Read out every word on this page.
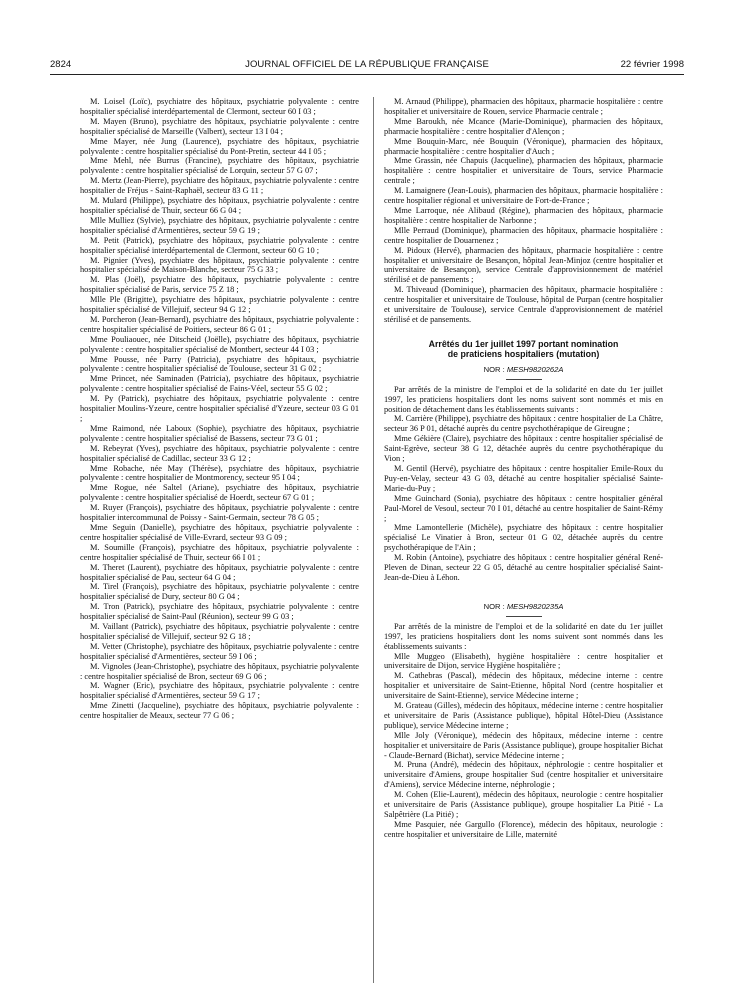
2824	JOURNAL OFFICIEL DE LA RÉPUBLIQUE FRANÇAISE	22 février 1998

M. Loisel (Loïc), psychiatre des hôpitaux, psychiatrie polyvalente : centre hospitalier spécialisé interdépartemental de Clermont, secteur 60 I 03 ;

M. Mayen (Bruno), psychiatre des hôpitaux, psychiatrie polyvalente : centre hospitalier spécialisé de Marseille (Valbert), secteur 13 I 04 ;

Mme Mayer, née Jung (Laurence), psychiatre des hôpitaux, psychiatrie polyvalente : centre hospitalier spécialisé du Pont-Pretin, secteur 44 I 05 ;

Mme Mehl, née Burrus (Francine), psychiatre des hôpitaux, psychiatrie polyvalente : centre hospitalier spécialisé de Lorquin, secteur 57 G 07 ;

M. Mertz (Jean-Pierre), psychiatre des hôpitaux, psychiatrie polyvalente : centre hospitalier de Fréjus - Saint-Raphaël, secteur 83 G 11 ;

M. Mulard (Philippe), psychiatre des hôpitaux, psychiatrie polyvalente : centre hospitalier spécialisé de Thuir, secteur 66 G 04 ;

Mlle Mulliez (Sylvie), psychiatre des hôpitaux, psychiatrie polyvalente : centre hospitalier spécialisé d'Armentières, secteur 59 G 19 ;

M. Petit (Patrick), psychiatre des hôpitaux, psychiatrie polyvalente : centre hospitalier spécialisé interdépartemental de Clermont, secteur 60 G 10 ;

M. Pignier (Yves), psychiatre des hôpitaux, psychiatrie polyvalente : centre hospitalier spécialisé de Maison-Blanche, secteur 75 G 33 ;

M. Plas (Joël), psychiatre des hôpitaux, psychiatrie polyvalente : centre hospitalier spécialisé de Paris, service 75 Z 18 ;

Mlle Ple (Brigitte), psychiatre des hôpitaux, psychiatrie polyvalente : centre hospitalier spécialisé de Villejuif, secteur 94 G 12 ;

M. Porcheron (Jean-Bernard), psychiatre des hôpitaux, psychiatrie polyvalente : centre hospitalier spécialisé de Poitiers, secteur 86 G 01 ;

Mme Pouliaouec, née Ditscheid (Joëlle), psychiatre des hôpitaux, psychiatrie polyvalente : centre hospitalier spécialisé de Montbert, secteur 44 I 03 ;

Mme Pousse, née Parry (Patricia), psychiatre des hôpitaux, psychiatrie polyvalente : centre hospitalier spécialisé de Toulouse, secteur 31 G 02 ;

Mme Princet, née Saminaden (Patricia), psychiatre des hôpitaux, psychiatrie polyvalente : centre hospitalier spécialisé de Fains-Véel, secteur 55 G 02 ;

M. Py (Patrick), psychiatre des hôpitaux, psychiatrie polyvalente : centre hospitalier Moulins-Yzeure, centre hospitalier spécialisé d'Yzeure, secteur 03 G 01 ;

Mme Raimond, née Laboux (Sophie), psychiatre des hôpitaux, psychiatrie polyvalente : centre hospitalier spécialisé de Bassens, secteur 73 G 01 ;

M. Rebeyrat (Yves), psychiatre des hôpitaux, psychiatrie polyvalente : centre hospitalier spécialisé de Cadillac, secteur 33 G 12 ;

Mme Robache, née May (Thérèse), psychiatre des hôpitaux, psychiatrie polyvalente : centre hospitalier de Montmorency, secteur 95 I 04 ;

Mme Rogue, née Saltel (Ariane), psychiatre des hôpitaux, psychiatrie polyvalente : centre hospitalier spécialisé de Hoerdt, secteur 67 G 01 ;

M. Ruyer (François), psychiatre des hôpitaux, psychiatrie polyvalente : centre hospitalier intercommunal de Poissy - Saint-Germain, secteur 78 G 05 ;

Mme Seguin (Danielle), psychiatre des hôpitaux, psychiatrie polyvalente : centre hospitalier spécialisé de Ville-Evrard, secteur 93 G 09 ;

M. Soumille (François), psychiatre des hôpitaux, psychiatrie polyvalente : centre hospitalier spécialisé de Thuir, secteur 66 I 01 ;

M. Theret (Laurent), psychiatre des hôpitaux, psychiatrie polyvalente : centre hospitalier spécialisé de Pau, secteur 64 G 04 ;

M. Tirel (François), psychiatre des hôpitaux, psychiatrie polyvalente : centre hospitalier spécialisé de Dury, secteur 80 G 04 ;

M. Tron (Patrick), psychiatre des hôpitaux, psychiatrie polyvalente : centre hospitalier spécialisé de Saint-Paul (Réunion), secteur 99 G 03 ;

M. Vaillant (Patrick), psychiatre des hôpitaux, psychiatrie polyvalente : centre hospitalier spécialisé de Villejuif, secteur 92 G 18 ;

M. Vetter (Christophe), psychiatre des hôpitaux, psychiatrie polyvalente : centre hospitalier spécialisé d'Armentières, secteur 59 I 06 ;

M. Vignoles (Jean-Christophe), psychiatre des hôpitaux, psychiatrie polyvalente : centre hospitalier spécialisé de Bron, secteur 69 G 06 ;

M. Wagner (Eric), psychiatre des hôpitaux, psychiatrie polyvalente : centre hospitalier spécialisé d'Armentières, secteur 59 G 17 ;

Mme Zinetti (Jacqueline), psychiatre des hôpitaux, psychiatrie polyvalente : centre hospitalier de Meaux, secteur 77 G 06 ;

M. Arnaud (Philippe), pharmacien des hôpitaux, pharmacie hospitalière : centre hospitalier et universitaire de Rouen, service Pharmacie centrale ;

Mme Baroukh, née Mcance (Marie-Dominique), pharmacien des hôpitaux, pharmacie hospitalière : centre hospitalier d'Alençon ;

Mme Bouquin-Marc, née Bouquin (Véronique), pharmacien des hôpitaux, pharmacie hospitalière : centre hospitalier d'Auch ;

Mme Grassin, née Chapuis (Jacqueline), pharmacien des hôpitaux, pharmacie hospitalière : centre hospitalier et universitaire de Tours, service Pharmacie centrale ;

M. Lamaignere (Jean-Louis), pharmacien des hôpitaux, pharmacie hospitalière : centre hospitalier régional et universitaire de Fort-de-France ;

Mme Larroque, née Alibaud (Régine), pharmacien des hôpitaux, pharmacie hospitalière : centre hospitalier de Narbonne ;

Mlle Perraud (Dominique), pharmacien des hôpitaux, pharmacie hospitalière : centre hospitalier de Douarnenez ;

M. Pidoux (Hervé), pharmacien des hôpitaux, pharmacie hospitalière : centre hospitalier et universitaire de Besançon, hôpital Jean-Minjoz (centre hospitalier et universitaire de Besançon), service Centrale d'approvisionnement de matériel stérilisé et de pansements ;

M. Thiveaud (Dominique), pharmacien des hôpitaux, pharmacie hospitalière : centre hospitalier et universitaire de Toulouse, hôpital de Purpan (centre hospitalier et universitaire de Toulouse), service Centrale d'approvisionnement de matériel stérilisé et de pansements.

Arrêtés du 1er juillet 1997 portant nomination
de praticiens hospitaliers (mutation)
NOR : MESH9820262A

Par arrêtés de la ministre de l'emploi et de la solidarité en date du 1er juillet 1997, les praticiens hospitaliers dont les noms suivent sont nommés et mis en position de détachement dans les établissements suivants :

M. Carrière (Philippe), psychiatre des hôpitaux : centre hospitalier de La Châtre, secteur 36 P 01, détaché auprès du centre psychothérapique de Gireugne ;

Mme Gékière (Claire), psychiatre des hôpitaux : centre hospitalier spécialisé de Saint-Egrève, secteur 38 G 12, détachée auprès du centre psychothérapique du Vion ;

M. Gentil (Hervé), psychiatre des hôpitaux : centre hospitalier Emile-Roux du Puy-en-Velay, secteur 43 G 03, détaché au centre hospitalier spécialisé Sainte-Marie-du-Puy ;

Mme Guinchard (Sonia), psychiatre des hôpitaux : centre hospitalier général Paul-Morel de Vesoul, secteur 70 I 01, détaché au centre hospitalier de Saint-Rémy ;

Mme Lamontellerie (Michèle), psychiatre des hôpitaux : centre hospitalier spécialisé Le Vinatier à Bron, secteur 01 G 02, détachée auprès du centre psychothérapique de l'Ain ;

M. Robin (Antoine), psychiatre des hôpitaux : centre hospitalier général René-Pleven de Dinan, secteur 22 G 05, détaché au centre hospitalier spécialisé Saint-Jean-de-Dieu à Léhon.

NOR : MESH9820235A

Par arrêtés de la ministre de l'emploi et de la solidarité en date du 1er juillet 1997, les praticiens hospitaliers dont les noms suivent sont nommés dans les établissements suivants :

Mlle Muggeo (Elisabeth), hygiène hospitalière : centre hospitalier et universitaire de Dijon, service Hygiène hospitalière ;

M. Cathebras (Pascal), médecin des hôpitaux, médecine interne : centre hospitalier et universitaire de Saint-Etienne, hôpital Nord (centre hospitalier et universitaire de Saint-Etienne), service Médecine interne ;

M. Grateau (Gilles), médecin des hôpitaux, médecine interne : centre hospitalier et universitaire de Paris (Assistance publique), hôpital Hôtel-Dieu (Assistance publique), service Médecine interne ;

Mlle Joly (Véronique), médecin des hôpitaux, médecine interne : centre hospitalier et universitaire de Paris (Assistance publique), groupe hospitalier Bichat - Claude-Bernard (Bichat), service Médecine interne ;

M. Pruna (André), médecin des hôpitaux, néphrologie : centre hospitalier et universitaire d'Amiens, groupe hospitalier Sud (centre hospitalier et universitaire d'Amiens), service Médecine interne, néphrologie ;

M. Cohen (Elie-Laurent), médecin des hôpitaux, neurologie : centre hospitalier et universitaire de Paris (Assistance publique), groupe hospitalier La Pitié - La Salpêtrière (La Pitié) ;

Mme Pasquier, née Gargullo (Florence), médecin des hôpitaux, neurologie : centre hospitalier et universitaire de Lille, maternité
